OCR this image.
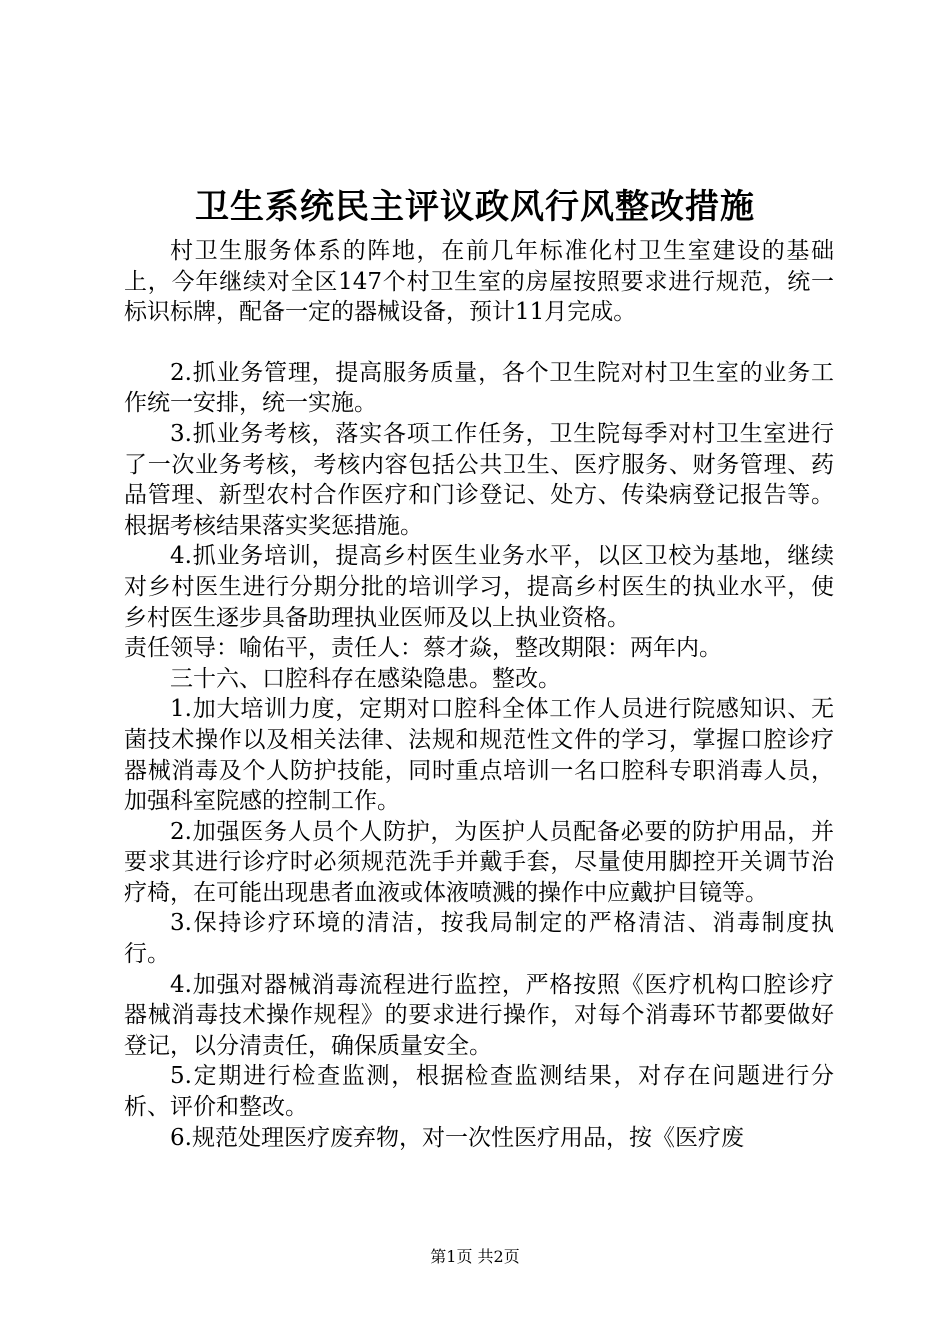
卫生系统民主评议政风行风整改措施

村卫生服务体系的阵地，在前几年标准化村卫生室建设的基础上，今年继续对全区147个村卫生室的房屋按照要求进行规范，统一标识标牌，配备一定的器械设备，预计11月完成。

2.抓业务管理，提高服务质量，各个卫生院对村卫生室的业务工作统一安排，统一实施。

3.抓业务考核，落实各项工作任务，卫生院每季对村卫生室进行了一次业务考核，考核内容包括公共卫生、医疗服务、财务管理、药品管理、新型农村合作医疗和门诊登记、处方、传染病登记报告等。根据考核结果落实奖惩措施。

4.抓业务培训，提高乡村医生业务水平，以区卫校为基地，继续对乡村医生进行分期分批的培训学习，提高乡村医生的执业水平，使乡村医生逐步具备助理执业医师及以上执业资格。

责任领导：喻佑平，责任人：蔡才焱，整改期限：两年内。

三十六、口腔科存在感染隐患。整改。

1.加大培训力度，定期对口腔科全体工作人员进行院感知识、无菌技术操作以及相关法律、法规和规范性文件的学习，掌握口腔诊疗器械消毒及个人防护技能，同时重点培训一名口腔科专职消毒人员，加强科室院感的控制工作。

2.加强医务人员个人防护，为医护人员配备必要的防护用品，并要求其进行诊疗时必须规范洗手并戴手套，尽量使用脚控开关调节治疗椅，在可能出现患者血液或体液喷溅的操作中应戴护目镜等。

3.保持诊疗环境的清洁，按我局制定的严格清洁、消毒制度执行。

4.加强对器械消毒流程进行监控，严格按照《医疗机构口腔诊疗器械消毒技术操作规程》的要求进行操作，对每个消毒环节都要做好登记，以分清责任，确保质量安全。

5.定期进行检查监测，根据检查监测结果，对存在问题进行分析、评价和整改。

6.规范处理医疗废弃物，对一次性医疗用品，按《医疗废

第1页 共2页
